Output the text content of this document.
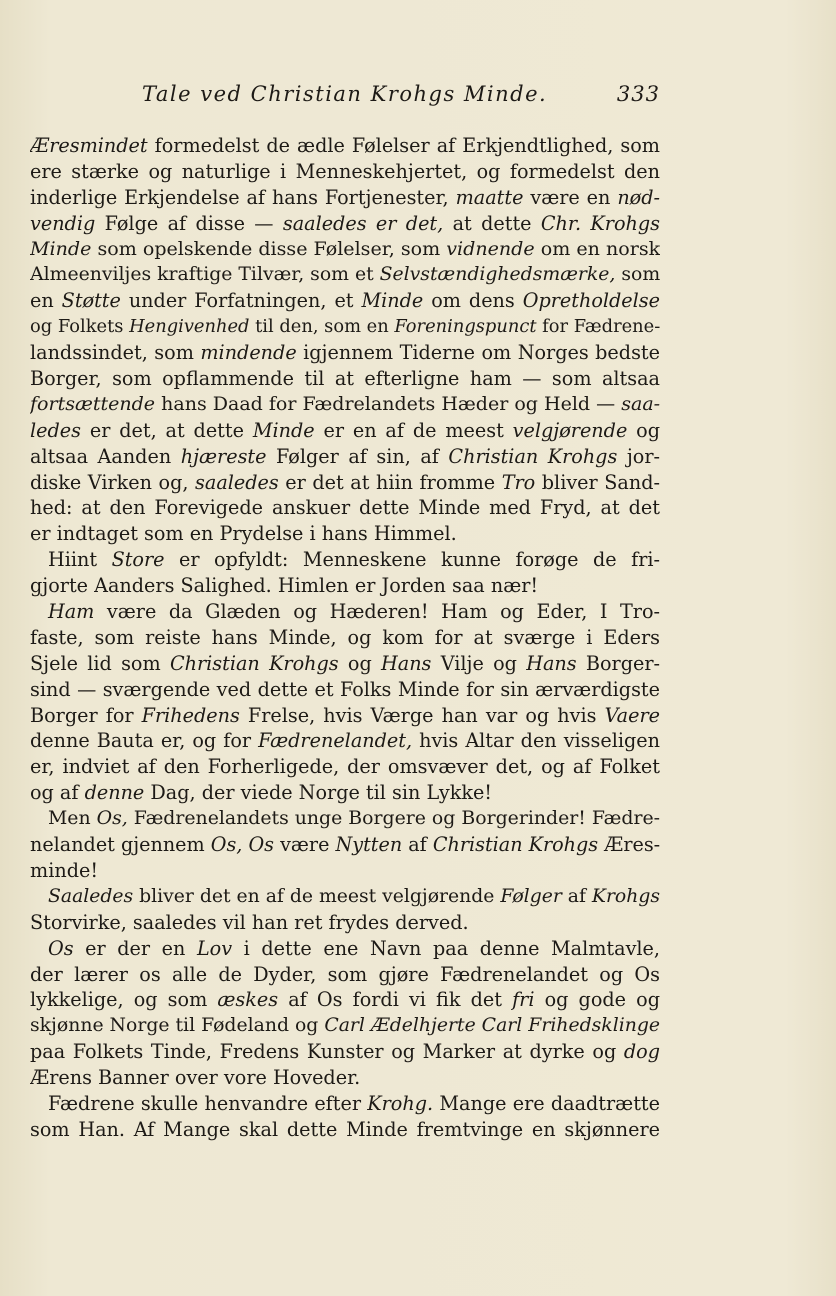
Tale ved Christian Krohgs Minde.	333
Æresmindet formedelst de ædle Følelser af Erkjendtlighed, som
ere stærke og naturlige i Menneskehjertet, og formedelst den
inderlige Erkjendelse af hans Fortjenester, maatte være en nød-
vendig Følge af disse — saaledes er det, at dette Chr. Krohgs
Minde som opelskende disse Følelser, som vidnende om en norsk
Almeenviljes kraftige Tilvær, som et Selvstændighedsmærke, som
en Støtte under Forfatningen, et Minde om dens Opretholdelse
og Folkets Hengivenhed til den, som en Foreningspunct for Fædrene-
landssindet, som mindende igjennem Tiderne om Norges bedste
Borger, som opflammende til at efterligne ham — som altsaa
fortsættende hans Daad for Fædrelandets Hæder og Held — saa-
ledes er det, at dette Minde er en af de meest velgjørende og
altsaa Aanden hjæreste Følger af sin, af Christian Krohgs jor-
diske Virken og, saaledes er det at hiin fromme Tro bliver Sand-
hed: at den Forevigede anskuer dette Minde med Fryd, at det
er indtaget som en Prydelse i hans Himmel.
Hiint Store er opfyldt: Menneskene kunne forøge de fri-
gjorte Aanders Salighed. Himlen er Jorden saa nær!
Ham være da Glæden og Hæderen! Ham og Eder, I Tro-
faste, som reiste hans Minde, og kom for at sværge i Eders
Sjele lid som Christian Krohgs og Hans Vilje og Hans Borger-
sind — sværgende ved dette et Folks Minde for sin ærværdigste
Borger for Frihedens Frelse, hvis Værge han var og hvis Vaere
denne Bauta er, og for Fædrenelandet, hvis Altar den visseligen
er, indviet af den Forherligede, der omsvæver det, og af Folket
og af denne Dag, der viede Norge til sin Lykke!
Men Os, Fædrenelandets unge Borgere og Borgerinder! Fædre-
nelandet gjennem Os, Os være Nytten af Christian Krohgs Æres-
minde!
Saaledes bliver det en af de meest velgjørende Følger af Krohgs
Storvirke, saaledes vil han ret frydes derved.
Os er der en Lov i dette ene Navn paa denne Malmtavle,
der lærer os alle de Dyder, som gjøre Fædrenelandet og Os
lykkelige, og som æskes af Os fordi vi fik det fri og gode og
skjønne Norge til Fødeland og Carl Ædelhjerte Carl Frihedsklinge
paa Folkets Tinde, Fredens Kunster og Marker at dyrke og dog
Ærens Banner over vore Hoveder.
Fædrene skulle henvandre efter Krohg. Mange ere daadtrætte
som Han. Af Mange skal dette Minde fremtvinge en skjønnere
